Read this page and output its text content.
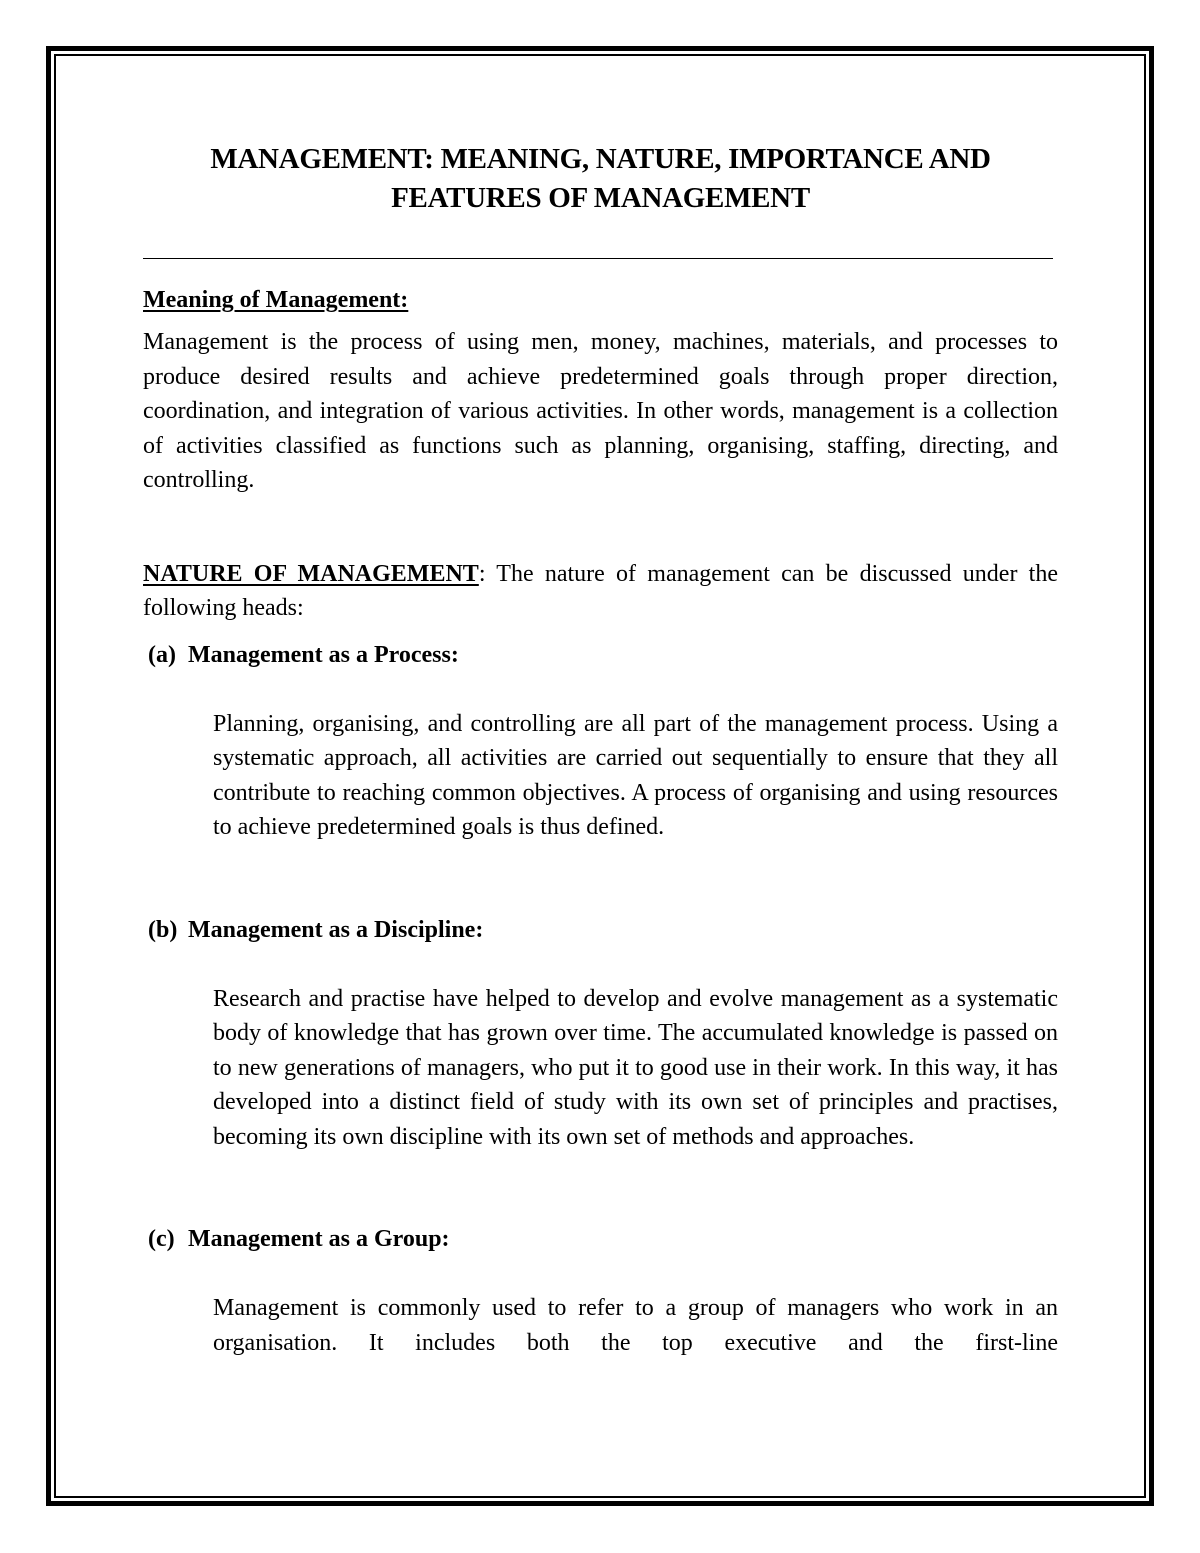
MANAGEMENT: MEANING, NATURE, IMPORTANCE AND
FEATURES OF MANAGEMENT
Meaning of Management:

Management is the process of using men, money, machines, materials, and processes to produce desired results and achieve predetermined goals through proper direction, coordination, and integration of various activities. In other words, management is a collection of activities classified as functions such as planning, organising, staffing, directing, and controlling.

NATURE OF MANAGEMENT: The nature of management can be discussed under the following heads:
(a) Management as a Process:

Planning, organising, and controlling are all part of the management process. Using a systematic approach, all activities are carried out sequentially to ensure that they all contribute to reaching common objectives. A process of organising and using resources to achieve predetermined goals is thus defined.

(b) Management as a Discipline:

Research and practise have helped to develop and evolve management as a systematic body of knowledge that has grown over time. The accumulated knowledge is passed on to new generations of managers, who put it to good use in their work. In this way, it has developed into a distinct field of study with its own set of principles and practises, becoming its own discipline with its own set of methods and approaches.

(c) Management as a Group:

Management is commonly used to refer to a group of managers who work in an organisation. It includes both the top executive and the first-line
